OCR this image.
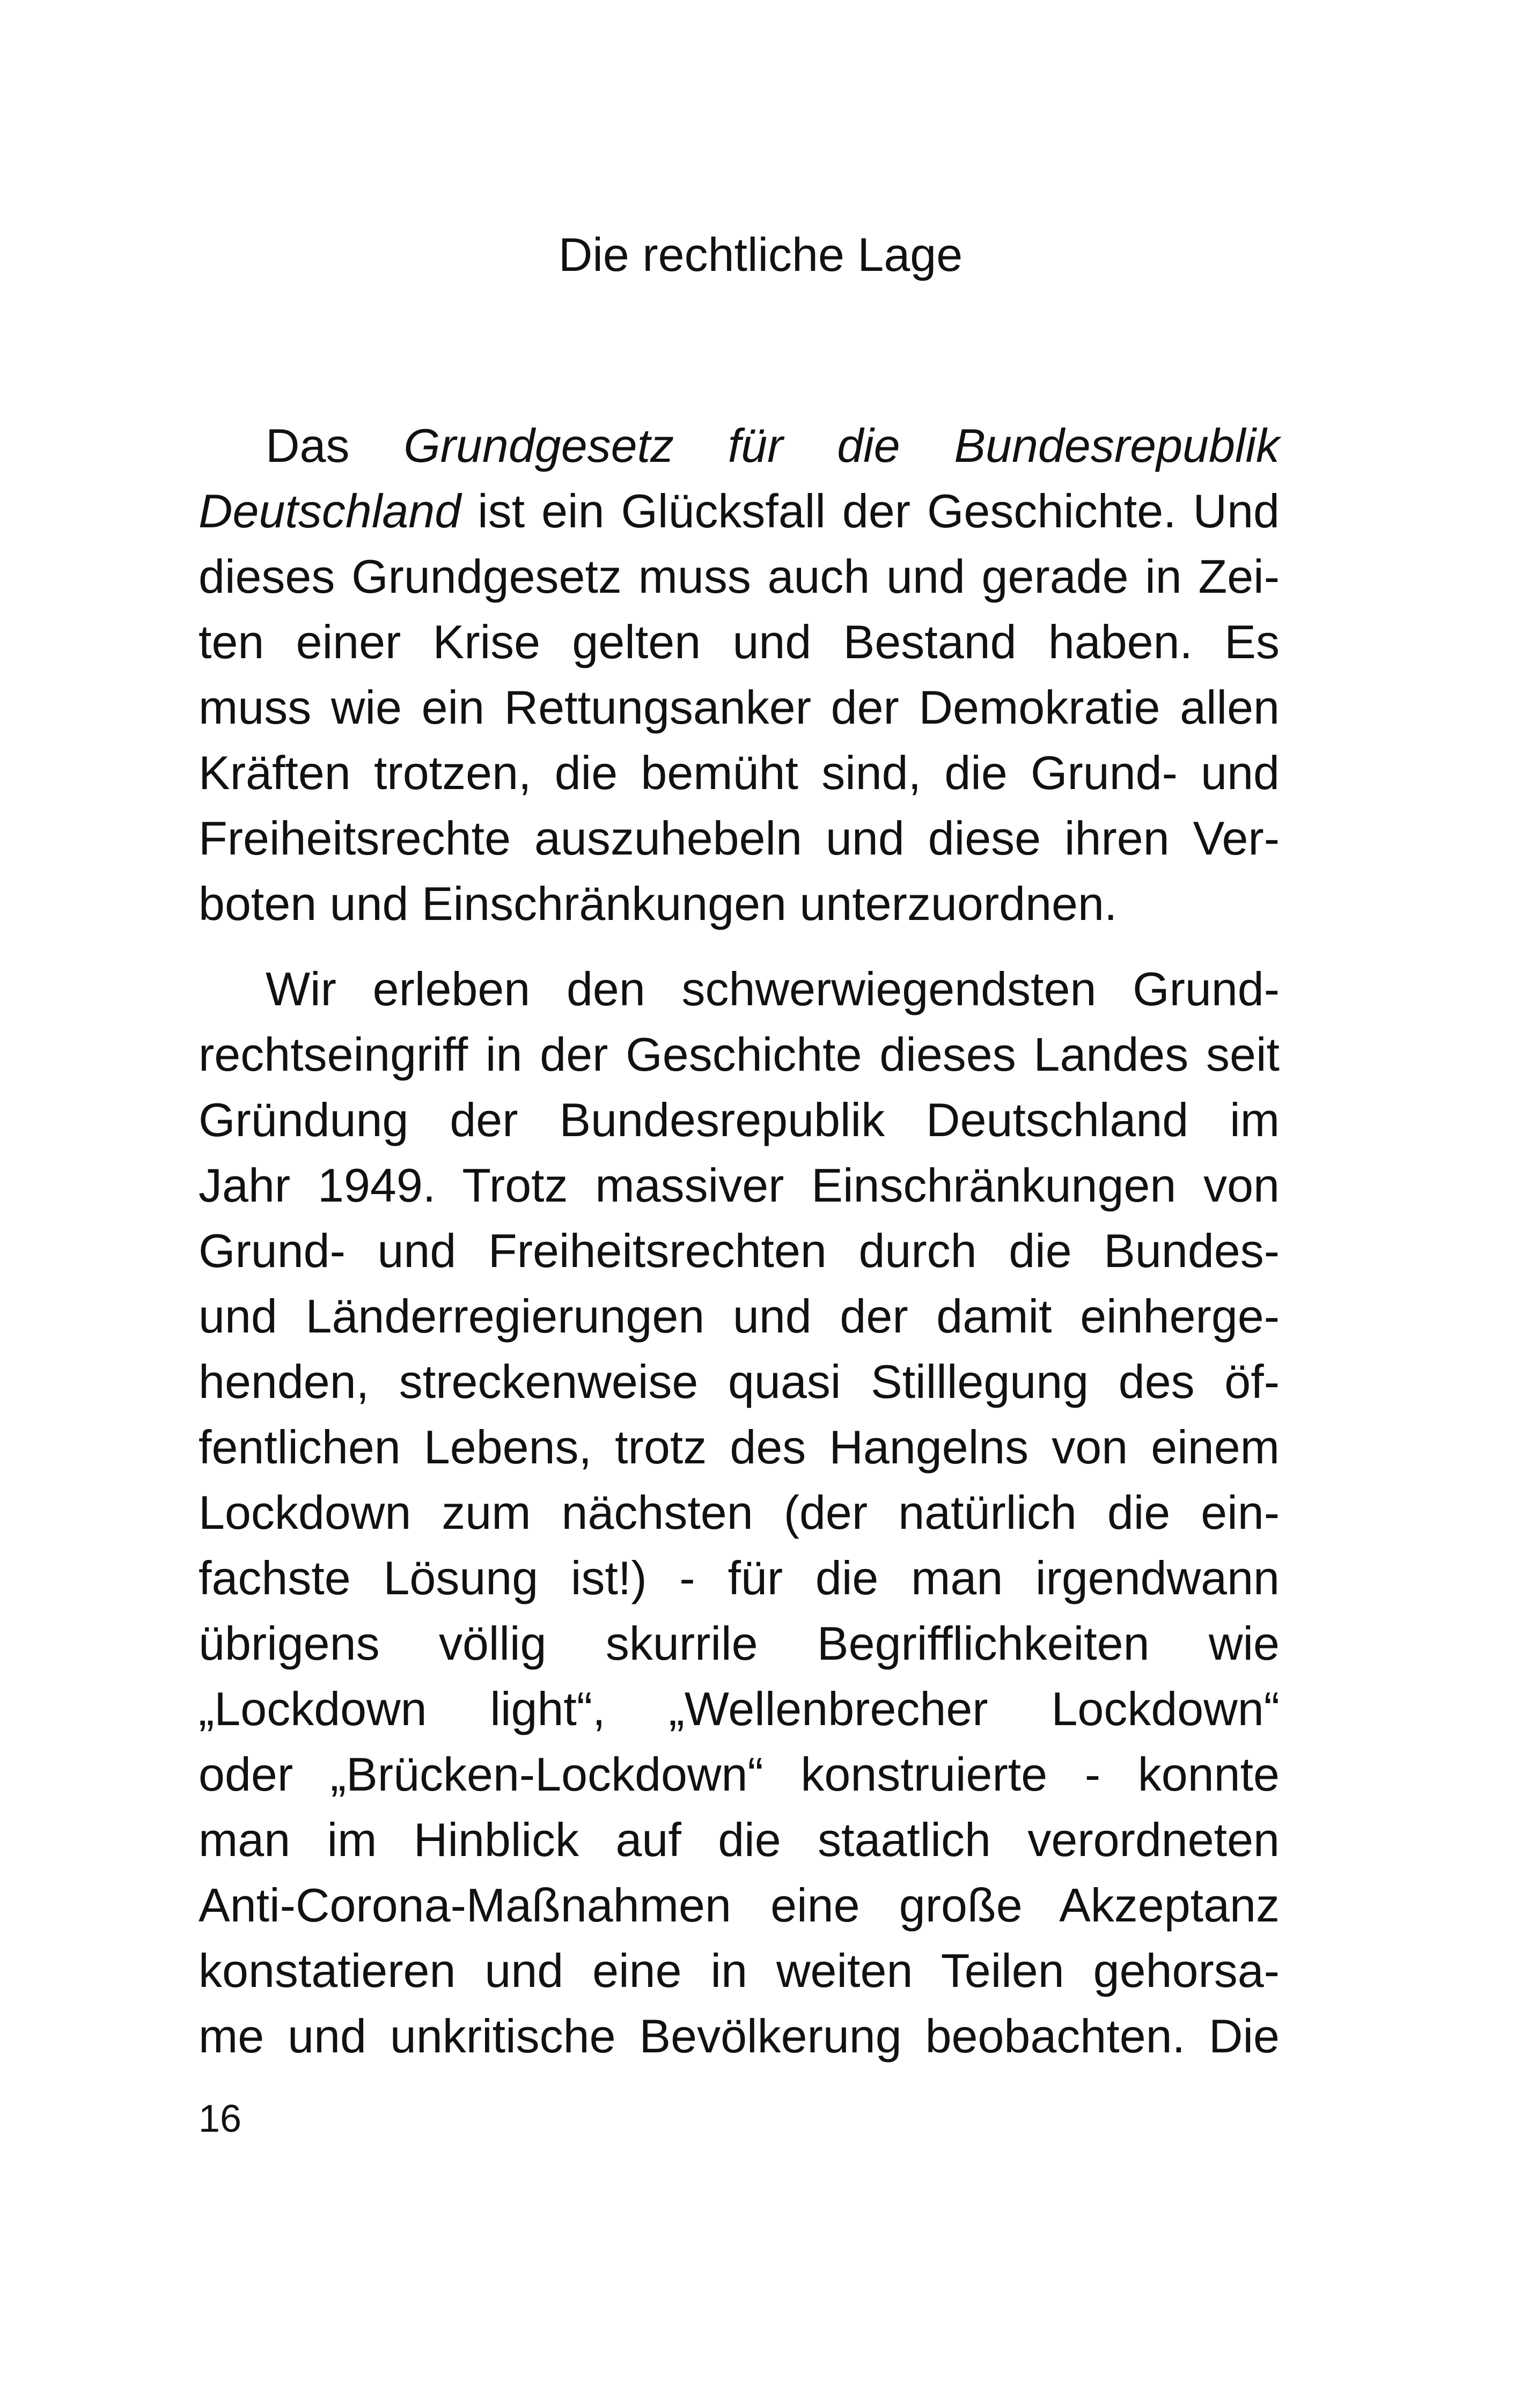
Die rechtliche Lage
Das Grundgesetz für die Bundesrepublik
Deutschland ist ein Glücksfall der Geschichte. Und
dieses Grundgesetz muss auch und gerade in Zei-
ten einer Krise gelten und Bestand haben. Es
muss wie ein Rettungsanker der Demokratie allen
Kräften trotzen, die bemüht sind, die Grund- und
Freiheitsrechte auszuhebeln und diese ihren Ver-
boten und Einschränkungen unterzuordnen.
Wir erleben den schwerwiegendsten Grund-
rechtseingriff in der Geschichte dieses Landes seit
Gründung der Bundesrepublik Deutschland im
Jahr 1949. Trotz massiver Einschränkungen von
Grund- und Freiheitsrechten durch die Bundes-
und Länderregierungen und der damit einherge-
henden, streckenweise quasi Stilllegung des öf-
fentlichen Lebens, trotz des Hangelns von einem
Lockdown zum nächsten (der natürlich die ein-
fachste Lösung ist!) - für die man irgendwann
übrigens völlig skurrile Begrifflichkeiten wie
„Lockdown light“, „Wellenbrecher Lockdown“
oder „Brücken-Lockdown“ konstruierte - konnte
man im Hinblick auf die staatlich verordneten
Anti-Corona-Maßnahmen eine große Akzeptanz
konstatieren und eine in weiten Teilen gehorsa-
me und unkritische Bevölkerung beobachten. Die
16
